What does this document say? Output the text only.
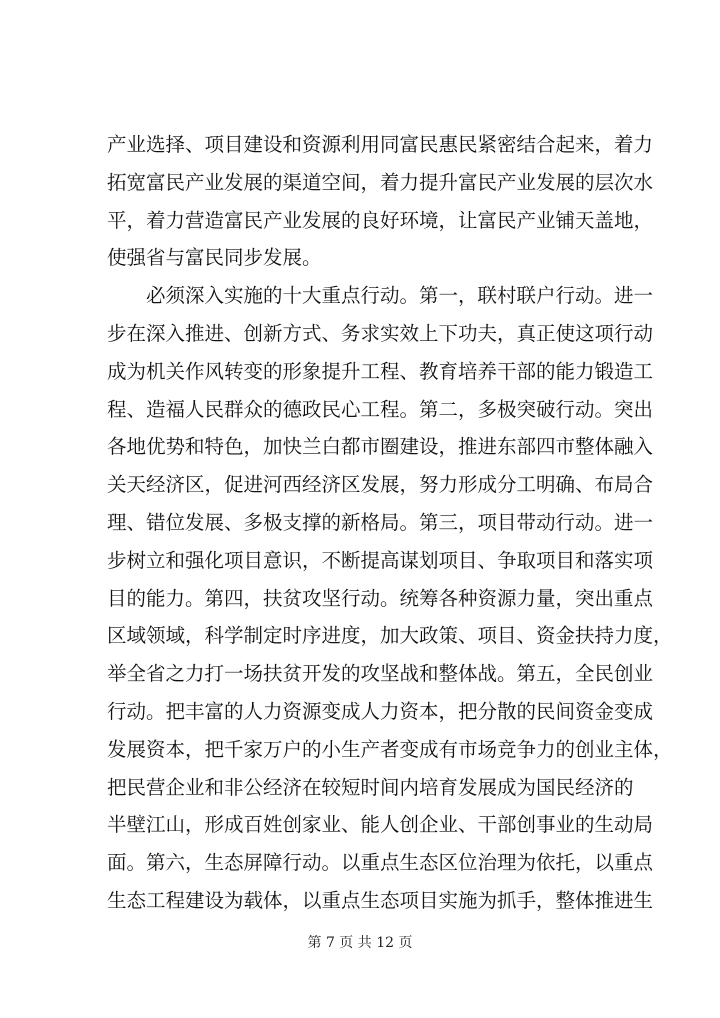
产业选择、项目建设和资源利用同富民惠民紧密结合起来，着力
拓宽富民产业发展的渠道空间，着力提升富民产业发展的层次水
平，着力营造富民产业发展的良好环境，让富民产业铺天盖地，
使强省与富民同步发展。
　　必须深入实施的十大重点行动。第一，联村联户行动。进一
步在深入推进、创新方式、务求实效上下功夫，真正使这项行动
成为机关作风转变的形象提升工程、教育培养干部的能力锻造工
程、造福人民群众的德政民心工程。第二，多极突破行动。突出
各地优势和特色，加快兰白都市圈建设，推进东部四市整体融入
关天经济区，促进河西经济区发展，努力形成分工明确、布局合
理、错位发展、多极支撑的新格局。第三，项目带动行动。进一
步树立和强化项目意识，不断提高谋划项目、争取项目和落实项
目的能力。第四，扶贫攻坚行动。统筹各种资源力量，突出重点
区域领域，科学制定时序进度，加大政策、项目、资金扶持力度，
举全省之力打一场扶贫开发的攻坚战和整体战。第五，全民创业
行动。把丰富的人力资源变成人力资本，把分散的民间资金变成
发展资本，把千家万户的小生产者变成有市场竞争力的创业主体，
把民营企业和非公经济在较短时间内培育发展成为国民经济的
半壁江山，形成百姓创家业、能人创企业、干部创事业的生动局
面。第六，生态屏障行动。以重点生态区位治理为依托，以重点
生态工程建设为载体，以重点生态项目实施为抓手，整体推进生
第 7 页 共 12 页
